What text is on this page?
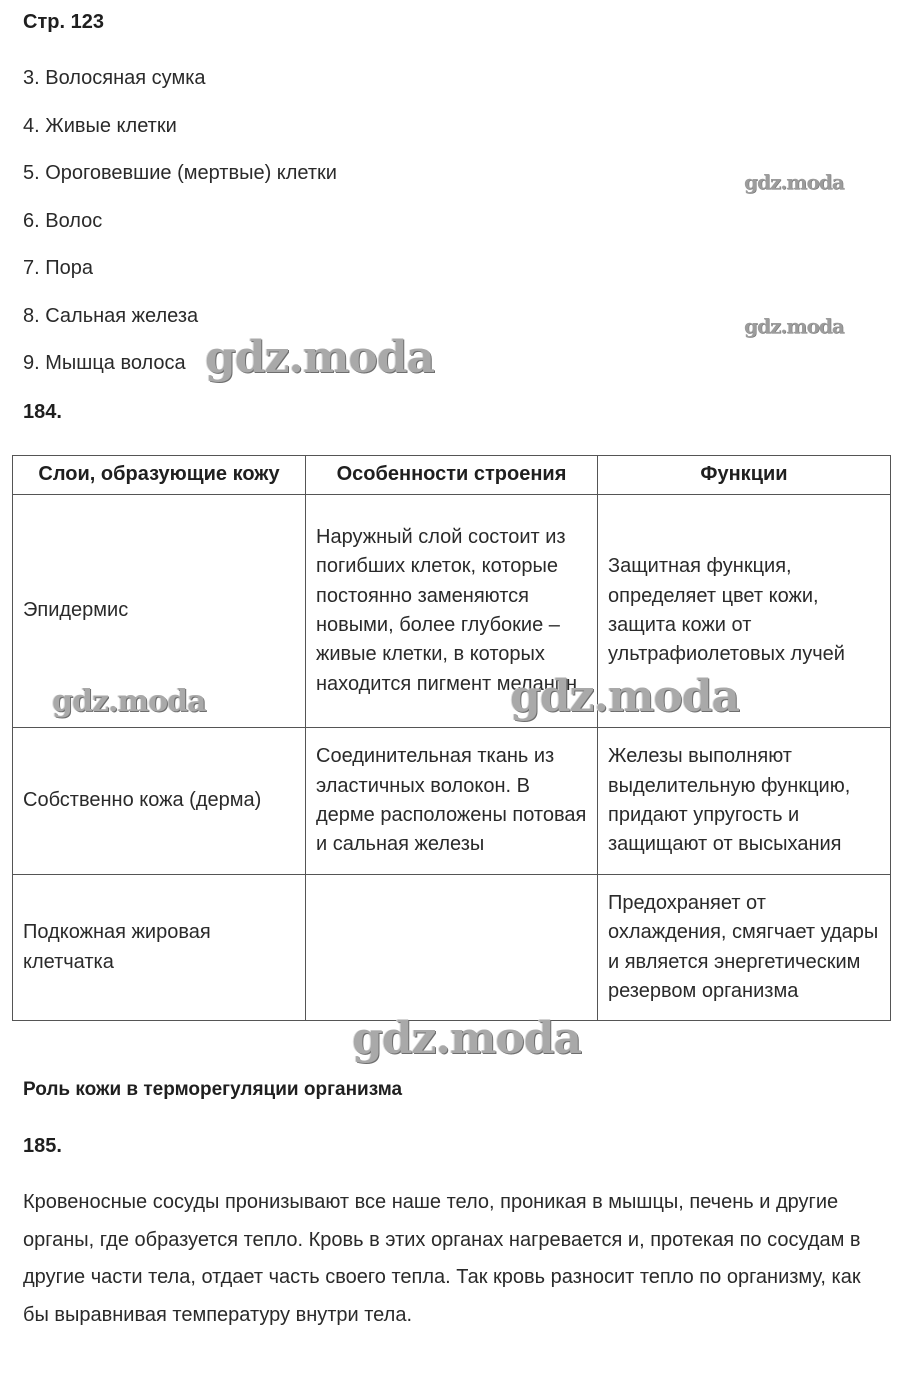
Стр. 123
3. Волосяная сумка
4. Живые клетки
5. Ороговевшие (мертвые) клетки
6. Волос
7. Пора
8. Сальная железа
9. Мышца волоса
184.
Слои, образующие кожу	Особенности строения	Функции
Эпидермис	Наружный слой состоит из погибших клеток, которые постоянно заменяются новыми, более глубокие – живые клетки, в которых находится пигмент меланин	Защитная функция, определяет цвет кожи, защита кожи от ультрафиолетовых лучей
Собственно кожа (дерма)	Соединительная ткань из эластичных волокон. В дерме расположены потовая и сальная железы	Железы выполняют выделительную функцию, придают упругость и защищают от высыхания
Подкожная жировая клетчатка		Предохраняет от охлаждения, смягчает удары и является энергетическим резервом организма
Роль кожи в терморегуляции организма
185.
Кровеносные сосуды пронизывают все наше тело, проникая в мышцы, печень и другие органы, где образуется тепло. Кровь в этих органах нагревается и, протекая по сосудам в другие части тела, отдает часть своего тепла. Так кровь разносит тепло по организму, как бы выравнивая температуру внутри тела.
gdz.moda
gdz.moda
gdz.moda
gdz.moda	gdz.moda
gdz.moda
